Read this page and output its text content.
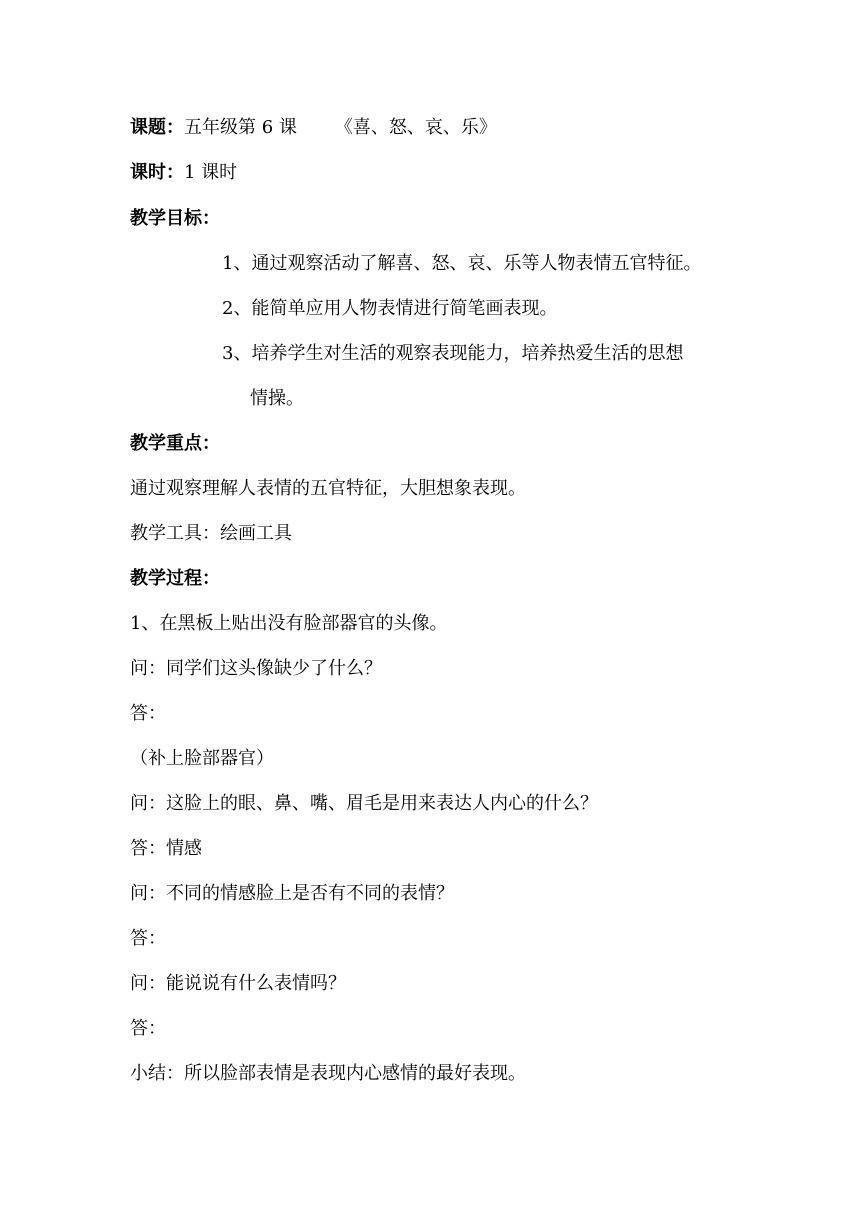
课题：五年级第 6 课 《喜、怒、哀、乐》
课时：1 课时
教学目标：
1、通过观察活动了解喜、怒、哀、乐等人物表情五官特征。
2、能简单应用人物表情进行简笔画表现。
3、培养学生对生活的观察表现能力，培养热爱生活的思想
情操。
教学重点：
通过观察理解人表情的五官特征，大胆想象表现。
教学工具：绘画工具
教学过程：
1、在黑板上贴出没有脸部器官的头像。
问：同学们这头像缺少了什么？
答：
（补上脸部器官）
问：这脸上的眼、鼻、嘴、眉毛是用来表达人内心的什么？
答：情感
问：不同的情感脸上是否有不同的表情？
答：
问：能说说有什么表情吗？
答：
小结：所以脸部表情是表现内心感情的最好表现。
